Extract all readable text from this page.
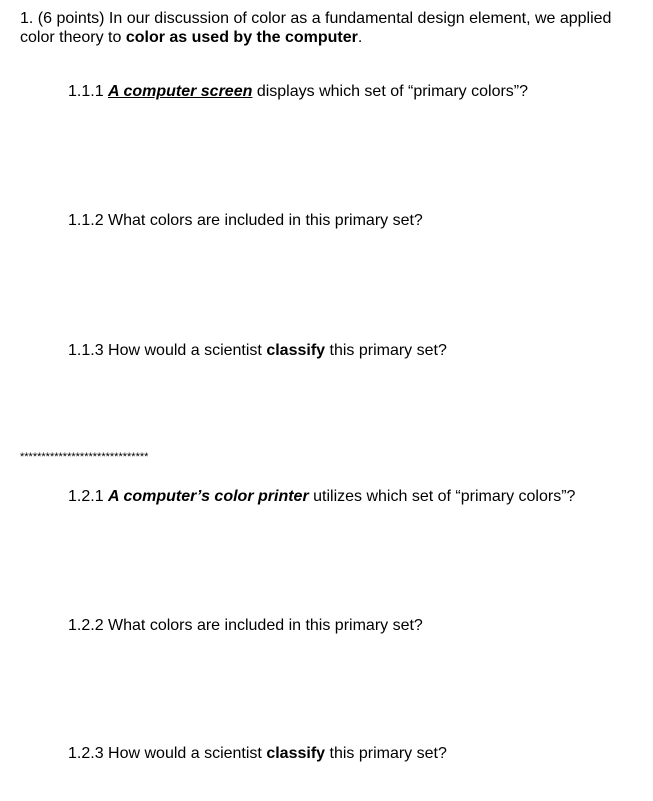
1. (6 points) In our discussion of color as a fundamental design element, we applied color theory to color as used by the computer.
1.1.1 A computer screen displays which set of “primary colors”?
1.1.2 What colors are included in this primary set?
1.1.3 How would a scientist classify this primary set?
******************************
1.2.1 A computer’s color printer utilizes which set of “primary colors”?
1.2.2 What colors are included in this primary set?
1.2.3 How would a scientist classify this primary set?
